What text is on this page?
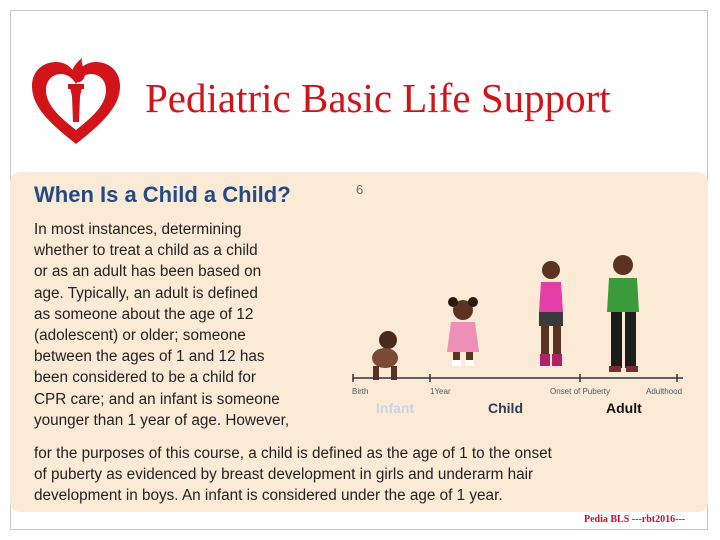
Pediatric Basic Life Support
When Is a Child a Child?	6
In most instances, determining
whether to treat a child as a child
or as an adult has been based on
age. Typically, an adult is defined
as someone about the age of 12
(adolescent) or older; someone
between the ages of 1 and 12 has
been considered to be a child for
CPR care; and an infant is someone
younger than 1 year of age. However,
for the purposes of this course, a child is defined as the age of 1 to the onset
of puberty as evidenced by breast development in girls and underarm hair
development in boys. An infant is considered under the age of 1 year.
Birth	1Year	Onset of Puberty	Adulthood
Infant	Child	Adult
Pedia BLS ---rbt2016---
